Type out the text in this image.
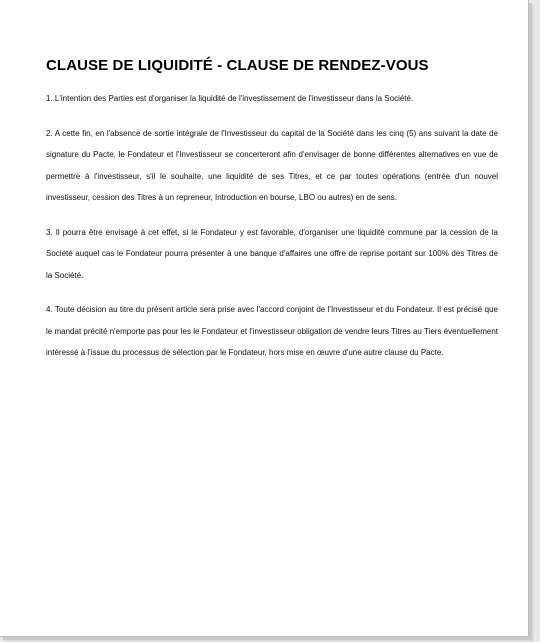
CLAUSE DE LIQUIDITÉ - CLAUSE DE RENDEZ-VOUS

1. L'intention des Parties est d'organiser la liquidité de l'investissement de l'investisseur dans la Société.

2. A cette fin, en l'absence de sortie intégrale de l'Investisseur du capital de la Société dans les cinq (5) ans suivant la date de signature du Pacte, le Fondateur et l'Investisseur se concerteront afin d'envisager de bonne différentes alternatives en vue de permettre à l'investisseur, s'il le souhaite, une liquidité de ses Titres, et ce par toutes opérations (entrée d'un nouvel investisseur, cession des Titres à un repreneur, Introduction en bourse, LBO ou autres) en de sens.

3. Il pourra être envisagé à cet effet, si le Fondateur y est favorable, d'organiser une liquidité commune par la cession de la Société auquel cas le Fondateur pourra présenter à une banque d'affaires une offre de reprise portant sur 100% des Titres de la Société.

4. Toute décision au titre du présent article sera prise avec l'accord conjoint de l'Investisseur et du Fondateur. Il est précisé que le mandat précité n'emporte pas pour les le Fondateur et l'investisseur obligation de vendre leurs Titres au Tiers éventuellement intéressé à l'issue du processus de sélection par le Fondateur, hors mise en œuvre d'une autre clause du Pacte.
